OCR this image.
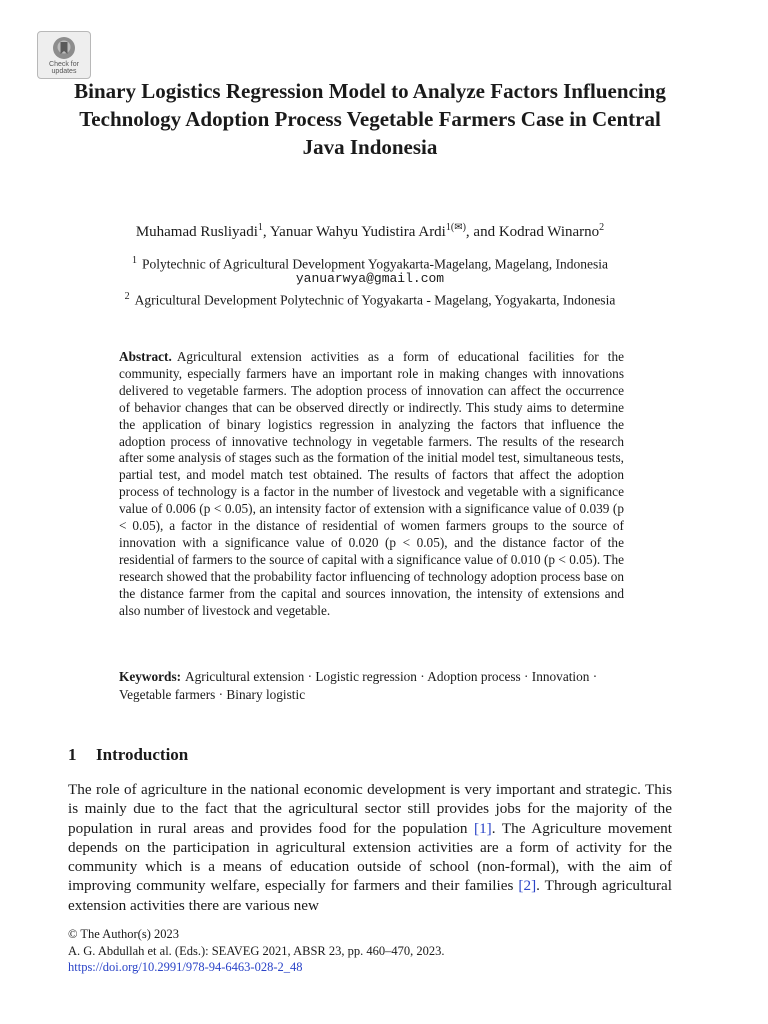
Check for
updates
Binary Logistics Regression Model to Analyze Factors Influencing Technology Adoption Process Vegetable Farmers Case in Central Java Indonesia
Muhamad Rusliyadi$^1$, Yanuar Wahyu Yudistira Ardi$^{1(✉)}$, and Kodrad Winarno$^2$
$^1$ Polytechnic of Agricultural Development Yogyakarta-Magelang, Magelang, Indonesia
yanuarwya@gmail.com
$^2$ Agricultural Development Polytechnic of Yogyakarta - Magelang, Yogyakarta, Indonesia

Abstract. Agricultural extension activities as a form of educational facilities for the community, especially farmers have an important role in making changes with innovations delivered to vegetable farmers. The adoption process of innovation can affect the occurrence of behavior changes that can be observed directly or indirectly. This study aims to determine the application of binary logistics regression in analyzing the factors that influence the adoption process of innovative technology in vegetable farmers. The results of the research after some analysis of stages such as the formation of the initial model test, simultaneous tests, partial test, and model match test obtained. The results of factors that affect the adoption process of technology is a factor in the number of livestock and vegetable with a significance value of 0.006 (p < 0.05), an intensity factor of extension with a significance value of 0.039 (p < 0.05), a factor in the distance of residential of women farmers groups to the source of innovation with a significance value of 0.020 (p < 0.05), and the distance factor of the residential of farmers to the source of capital with a significance value of 0.010 (p < 0.05). The research showed that the probability factor influencing of technology adoption process base on the distance farmer from the capital and sources innovation, the intensity of extensions and also number of livestock and vegetable.

Keywords: Agricultural extension · Logistic regression · Adoption process · Innovation · Vegetable farmers · Binary logistic

1 Introduction

The role of agriculture in the national economic development is very important and strategic. This is mainly due to the fact that the agricultural sector still provides jobs for the majority of the population in rural areas and provides food for the population [1]. The Agriculture movement depends on the participation in agricultural extension activities are a form of activity for the community which is a means of education outside of school (non-formal), with the aim of improving community welfare, especially for farmers and their families [2]. Through agricultural extension activities there are various new

© The Author(s) 2023
A. G. Abdullah et al. (Eds.): SEAVEG 2021, ABSR 23, pp. 460–470, 2023.
https://doi.org/10.2991/978-94-6463-028-2_48
